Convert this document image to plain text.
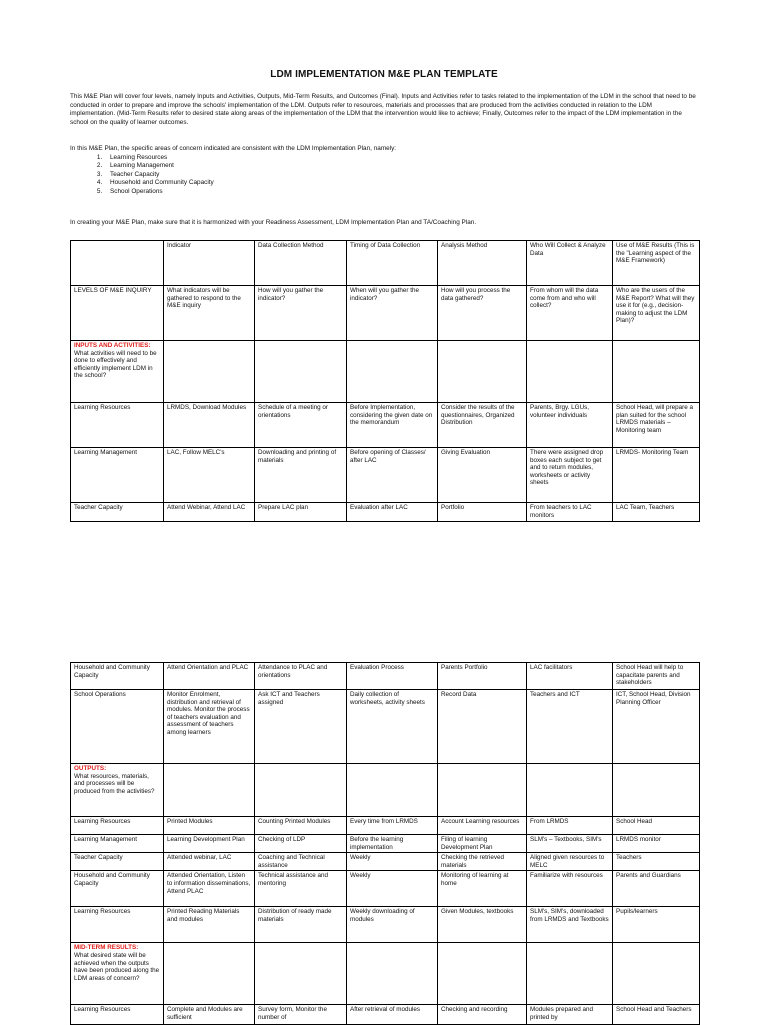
LDM IMPLEMENTATION M&E PLAN TEMPLATE

This M&E Plan will cover four levels, namely Inputs and Activities, Outputs, Mid-Term Results, and Outcomes (Final). Inputs and Activities refer to tasks related to the implementation of the LDM in the school that need to be conducted in order to prepare and improve the schools' implementation of the LDM. Outputs refer to resources, materials and processes that are produced from the activities conducted in relation to the LDM implementation. (Mid-Term Results refer to desired state along areas of the implementation of the LDM that the intervention would like to achieve; Finally, Outcomes refer to the impact of the LDM implementation in the school on the quality of learner outcomes.

In this M&E Plan, the specific areas of concern indicated are consistent with the LDM Implementation Plan, namely:
1. Learning Resources
2. Learning Management
3. Teacher Capacity
4. Household and Community Capacity
5. School Operations
In creating your M&E Plan, make sure that it is harmonized with your Readiness Assessment, LDM Implementation Plan and TA/Coaching Plan.
	Indicator	Data Collection Method	Timing of Data Collection	Analysis Method	Who Will Collect & Analyze Data	Use of M&E Results (This is the "Learning aspect of the M&E Framework)
LEVELS OF M&E INQUIRY	What indicators will be gathered to respond to the M&E inquiry	How will you gather the indicator?	When will you gather the indicator?	How will you process the data gathered?	From whom will the data come from and who will collect?	Who are the users of the M&E Report? What will they use it for (e.g., decision-making to adjust the LDM Plan)?
INPUTS AND ACTIVITIES: What activities will need to be done to effectively and efficiently implement LDM in the school?						
Learning Resources	LRMDS, Download Modules	Schedule of a meeting or orientations	Before Implementation, considering the given date on the memorandum	Consider the results of the questionnaires, Organized Distribution	Parents, Brgy. LGUs, volunteer individuals	School Head, will prepare a plan suited for the school LRMDS materials – Monitoring team
Learning Management	LAC, Follow MELC's	Downloading and printing of materials	Before opening of Classes/ after LAC	Giving Evaluation	There were assigned drop boxes each subject to get and to return modules, worksheets or activity sheets	LRMDS- Monitoring Team
Teacher Capacity	Attend Webinar, Attend LAC	Prepare LAC plan	Evaluation after LAC	Portfolio	From teachers to LAC monitors	LAC Team, Teachers
Household and Community Capacity	Attend Orientation and PLAC	Attendance to PLAC and orientations	Evaluation Process	Parents Portfolio	LAC facilitators	School Head will help to capacitate parents and stakeholders
School Operations	Monitor Enrolment, distribution and retrieval of modules. Monitor the process of teachers evaluation and assessment of teachers among learners	Ask ICT and Teachers assigned	Daily collection of worksheets, activity sheets	Record Data	Teachers and ICT	ICT, School Head, Division Planning Officer
OUTPUTS:
What resources, materials, and processes will be produced from the activities?						
Learning Resources	Printed Modules	Counting Printed Modules	Every time from LRMDS	Account Learning resources	From LRMDS	School Head
Learning Management	Learning Development Plan	Checking of LDP	Before the learning implementation	Filing of learning Development Plan	SLM's – Textbooks, SIM's	LRMDS monitor
Teacher Capacity	Attended webinar, LAC	Coaching and Technical assistance	Weekly	Checking the retrieved materials	Aligned given resources to MELC	Teachers
Household and Community Capacity	Attended Orientation, Listen to information disseminations, Attend PLAC	Technical assistance and mentoring	Weekly	Monitoring of learning at home	Familiarize with resources	Parents and Guardians
Learning Resources	Printed Reading Materials and modules	Distribution of ready made materials	Weekly downloading of modules	Given Modules, textbooks	SLM's, SIM's, downloaded from LRMDS and Textbooks	Pupils/learners
MID-TERM RESULTS:
What desired state will be achieved when the outputs have been produced along the LDM areas of concern?						
Learning Resources	Complete and Modules are sufficient	Survey form, Monitor the number of	After retrieval of modules	Checking and recording	Modules prepared and printed by	School Head and Teachers
